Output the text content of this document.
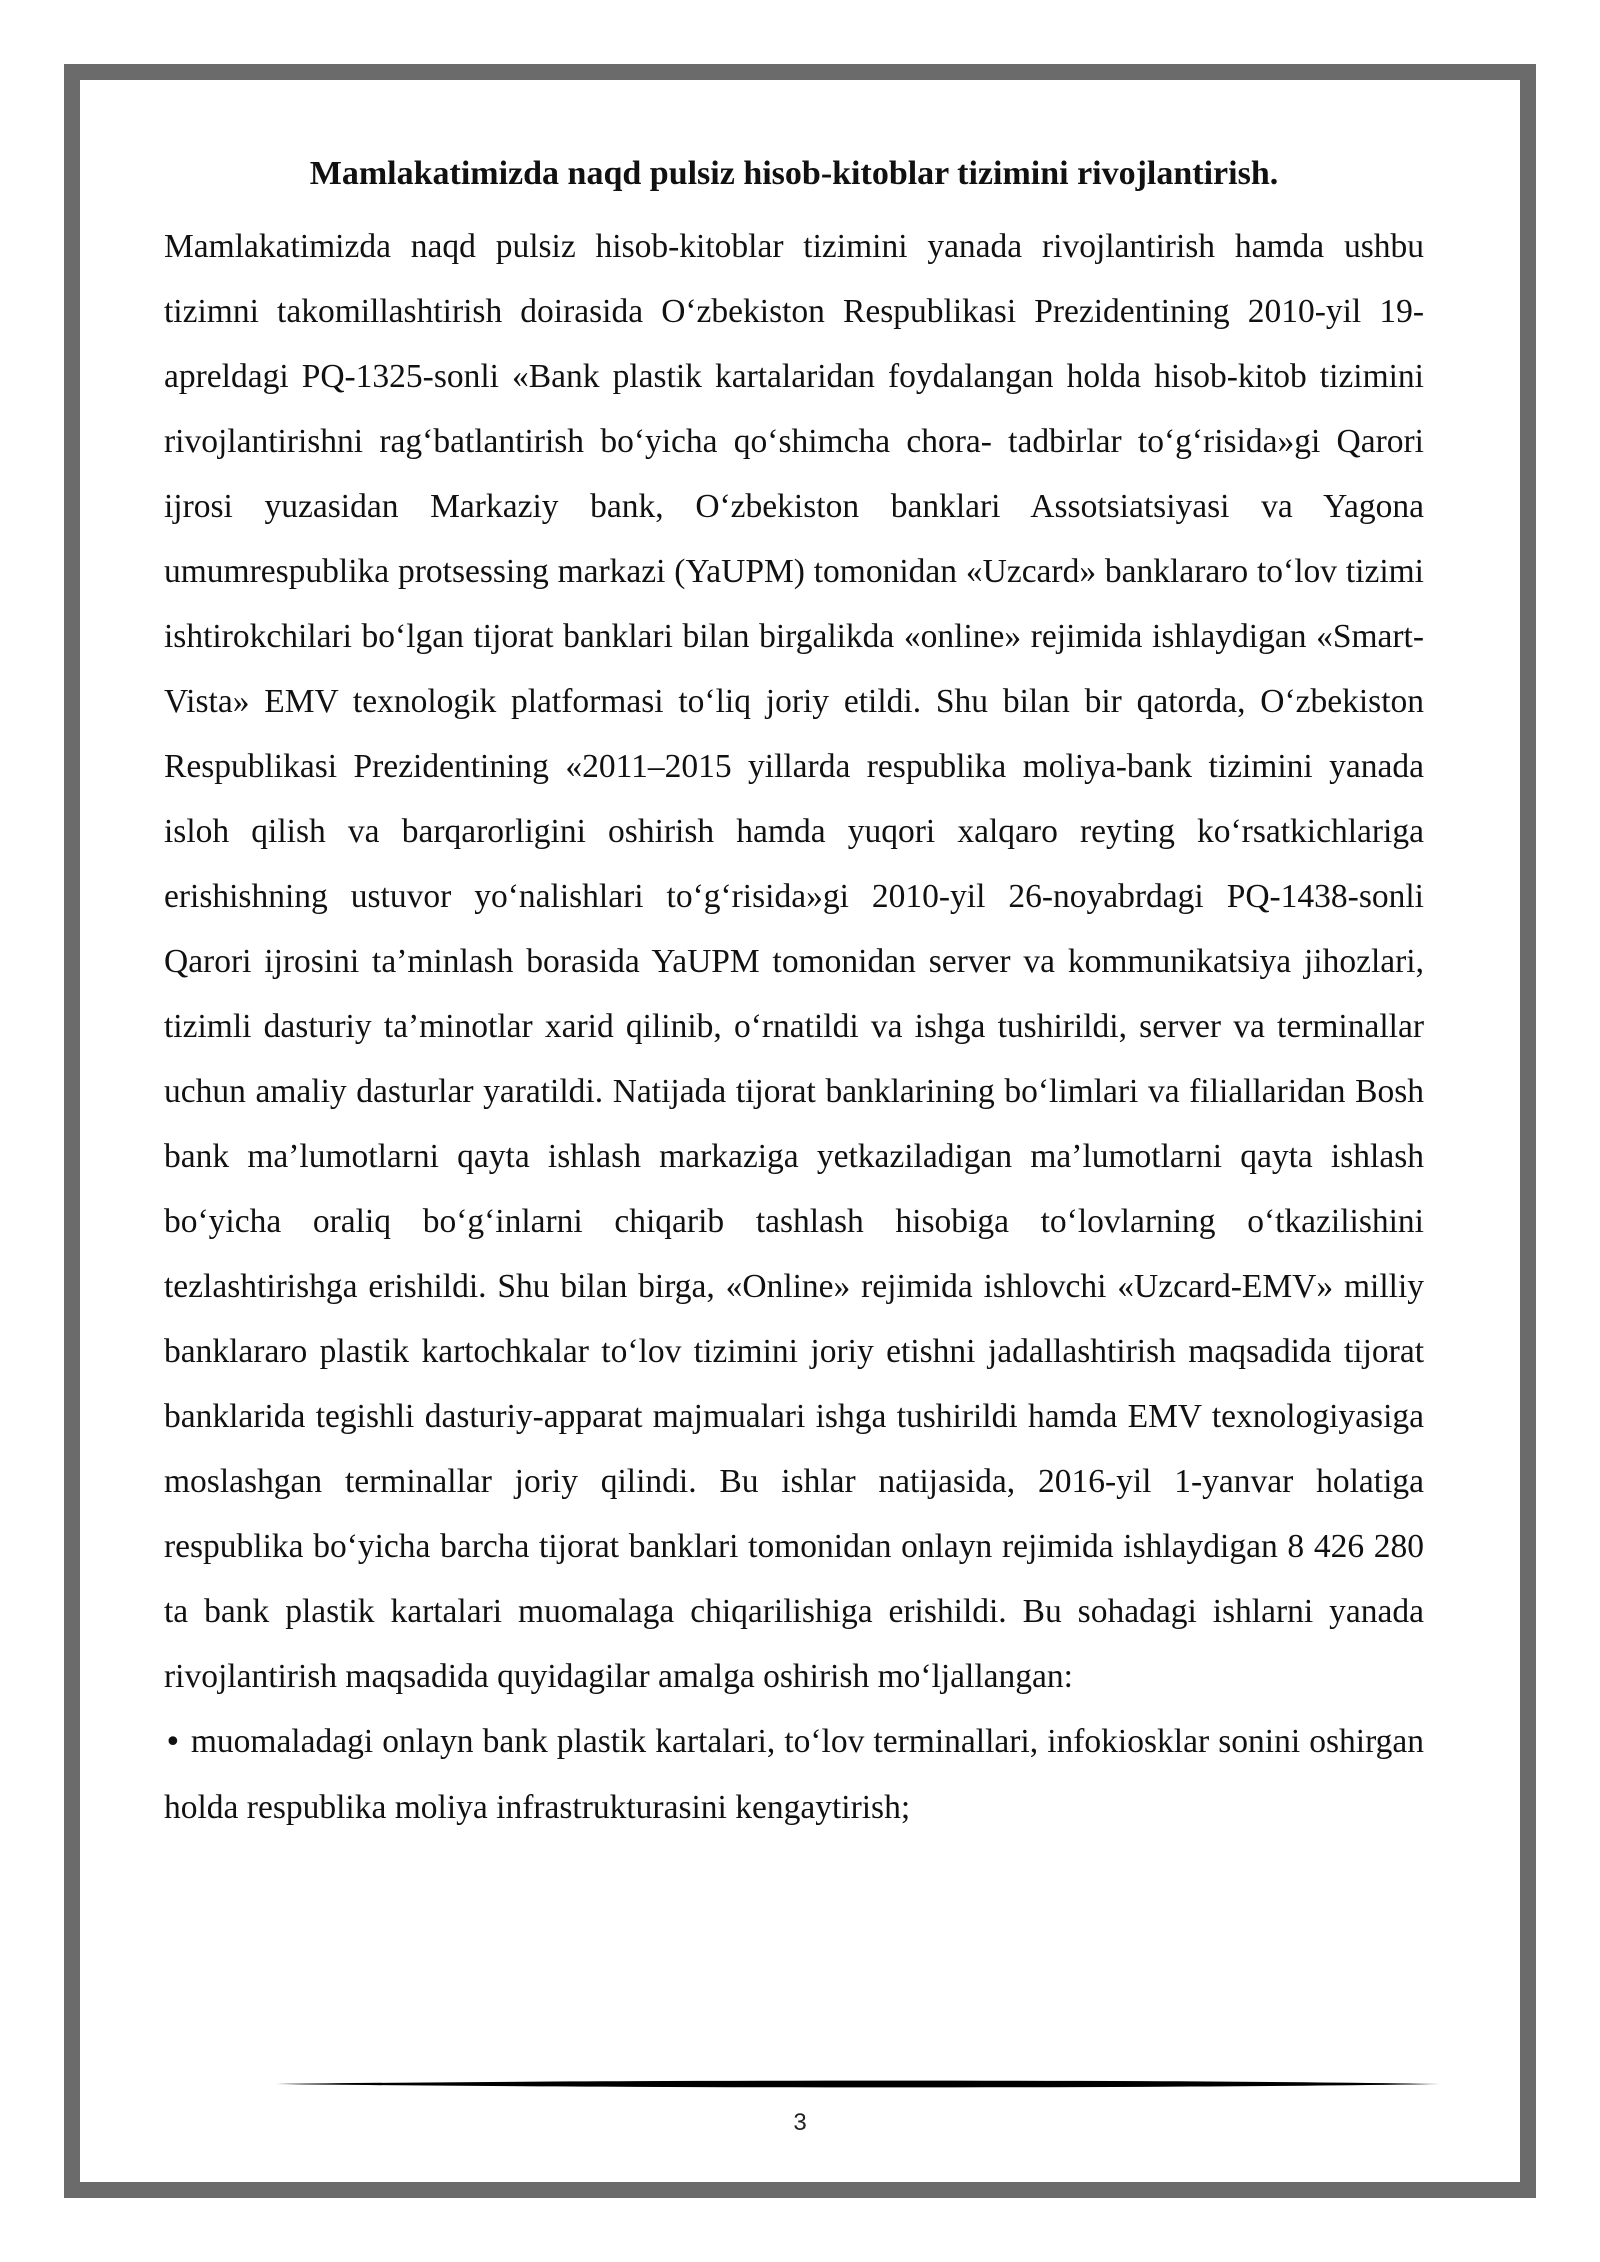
Mamlakatimizda naqd pulsiz hisob-kitoblar tizimini rivojlantirish.

Mamlakatimizda naqd pulsiz hisob-kitoblar tizimini yanada rivojlantirish hamda ushbu tizimni takomillashtirish doirasida O‘zbekiston Respublikasi Prezidentining 2010-yil 19- apreldagi PQ-1325-sonli «Bank plastik kartalaridan foydalangan holda hisob-kitob tizimini rivojlantirishni rag‘batlantirish bo‘yicha qo‘shimcha chora- tadbirlar to‘g‘risida»gi Qarori ijrosi yuzasidan Markaziy bank, O‘zbekiston banklari Assotsiatsiyasi va Yagona umumrespublika protsessing markazi (YaUPM) tomonidan «Uzcard» banklararo to‘lov tizimi ishtirokchilari bo‘lgan tijorat banklari bilan birgalikda «online» rejimida ishlaydigan «Smart-Vista» EMV texnologik platformasi to‘liq joriy etildi. Shu bilan bir qatorda, O‘zbekiston Respublikasi Prezidentining «2011–2015 yillarda respublika moliya-bank tizimini yanada isloh qilish va barqarorligini oshirish hamda yuqori xalqaro reyting ko‘rsatkichlariga erishishning ustuvor yo‘nalishlari to‘g‘risida»gi 2010-yil 26-noyabrdagi PQ-1438-sonli Qarori ijrosini ta’minlash borasida YaUPM tomonidan server va kommunikatsiya jihozlari, tizimli dasturiy ta’minotlar xarid qilinib, o‘rnatildi va ishga tushirildi, server va terminallar uchun amaliy dasturlar yaratildi. Natijada tijorat banklarining bo‘limlari va filiallaridan Bosh bank ma’lumotlarni qayta ishlash markaziga yetkaziladigan ma’lumotlarni qayta ishlash bo‘yicha oraliq bo‘g‘inlarni chiqarib tashlash hisobiga to‘lovlarning o‘tkazilishini tezlashtirishga erishildi. Shu bilan birga, «Online» rejimida ishlovchi «Uzcard-EMV» milliy banklararo plastik kartochkalar to‘lov tizimini joriy etishni jadallashtirish maqsadida tijorat banklarida tegishli dasturiy-apparat majmualari ishga tushirildi hamda EMV texnologiyasiga moslashgan terminallar joriy qilindi. Bu ishlar natijasida, 2016-yil 1-yanvar holatiga respublika bo‘yicha barcha tijorat banklari tomonidan onlayn rejimida ishlaydigan 8 426 280 ta bank plastik kartalari muomalaga chiqarilishiga erishildi. Bu sohadagi ishlarni yanada rivojlantirish maqsadida quyidagilar amalga oshirish mo‘ljallangan:

• muomaladagi onlayn bank plastik kartalari, to‘lov terminallari, infokiosklar sonini oshirgan holda respublika moliya infrastrukturasini kengaytirish;

3
